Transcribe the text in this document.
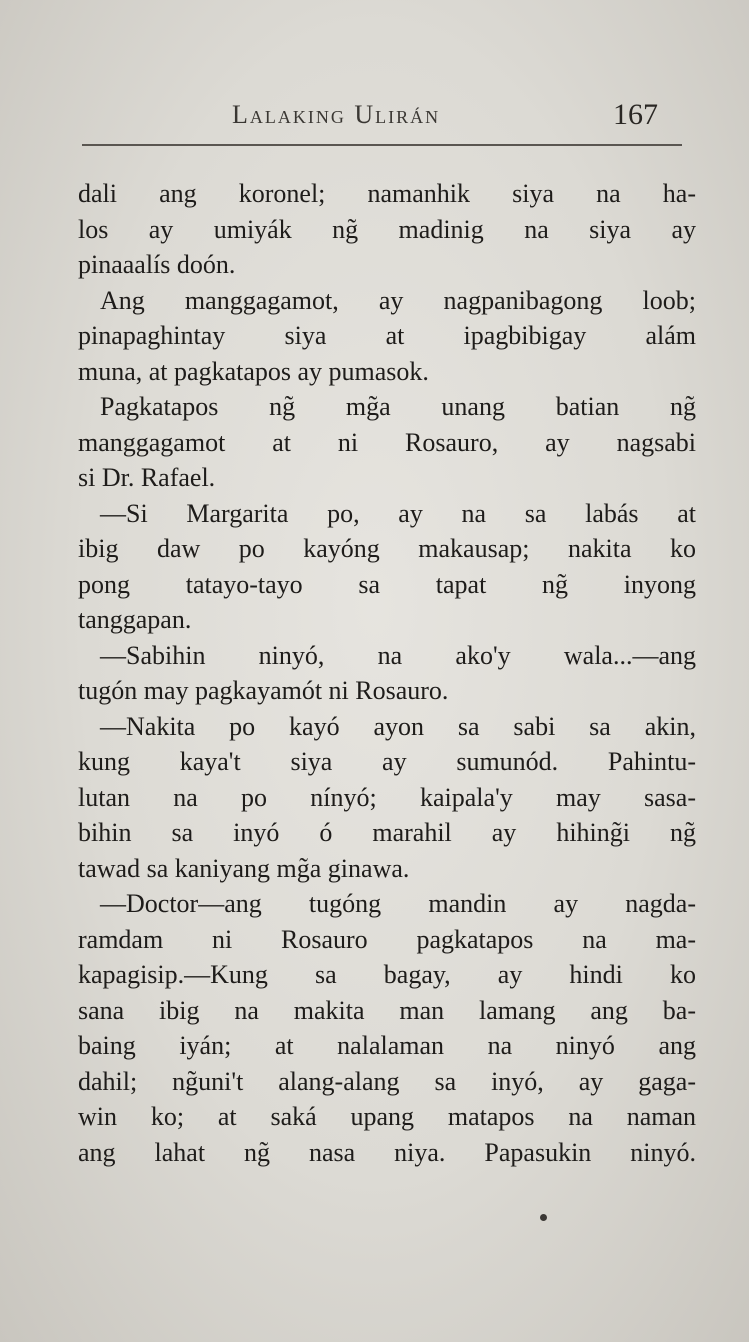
Lalaking Ulirán	167
dali ang koronel; namanhik siya na ha-
los ay umiyák ng̃ madinig na siya ay
pinaaalís doón.
Ang manggagamot, ay nagpanibagong loob;
pinapaghintay siya at ipagbibigay alám
muna, at pagkatapos ay pumasok.
Pagkatapos ng̃ mg̃a unang batian ng̃
manggagamot at ni Rosauro, ay nagsabi
si Dr. Rafael.
—Si Margarita po, ay na sa labás at
ibig daw po kayóng makausap; nakita ko
pong tatayo-tayo sa tapat ng̃ inyong
tanggapan.
—Sabihin ninyó, na ako'y wala...—ang
tugón may pagkayamót ni Rosauro.
—Nakita po kayó ayon sa sabi sa akin,
kung kaya't siya ay sumunód. Pahintu-
lutan na po nínyó; kaipala'y may sasa-
bihin sa inyó ó marahil ay hihing̃i ng̃
tawad sa kaniyang mg̃a ginawa.
—Doctor—ang tugóng mandin ay nagda-
ramdam ni Rosauro pagkatapos na ma-
kapagisip.—Kung sa bagay, ay hindi ko
sana ibig na makita man lamang ang ba-
baing iyán; at nalalaman na ninyó ang
dahil; ng̃uni't alang-alang sa inyó, ay gaga-
win ko; at saká upang matapos na naman
ang lahat ng̃ nasa niya. Papasukin ninyó.
